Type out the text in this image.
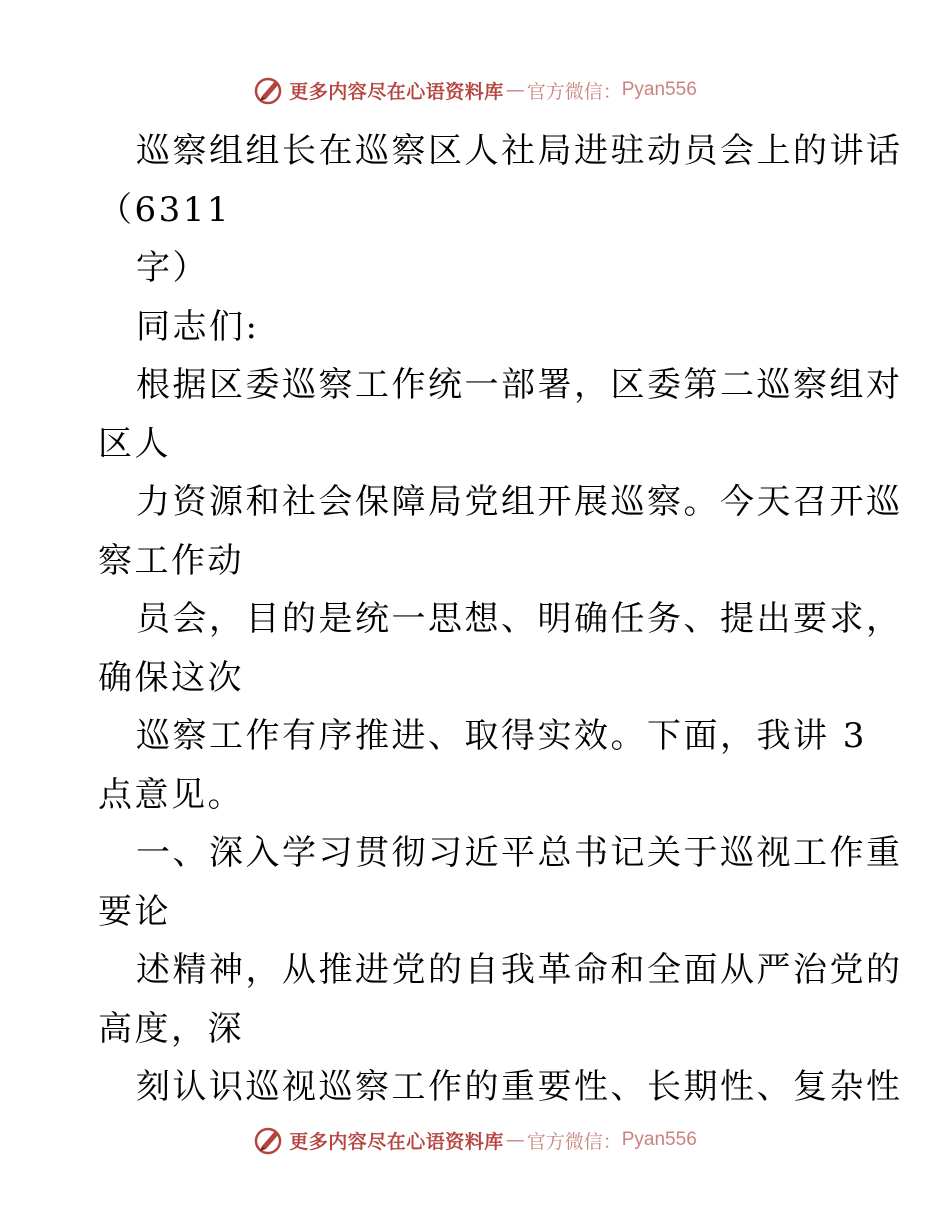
更多内容尽在心语资料库 — 官方微信： Pyan556
巡察组组长在巡察区人社局进驻动员会上的讲话
（6311
字）
同志们:
根据区委巡察工作统一部署，区委第二巡察组对
区人
力资源和社会保障局党组开展巡察。今天召开巡
察工作动
员会，目的是统一思想、明确任务、提出要求，
确保这次
巡察工作有序推进、取得实效。下面，我讲 3
点意见。
一、深入学习贯彻习近平总书记关于巡视工作重
要论
述精神，从推进党的自我革命和全面从严治党的
高度，深
刻认识巡视巡察工作的重要性、长期性、复杂性
更多内容尽在心语资料库 — 官方微信： Pyan556
